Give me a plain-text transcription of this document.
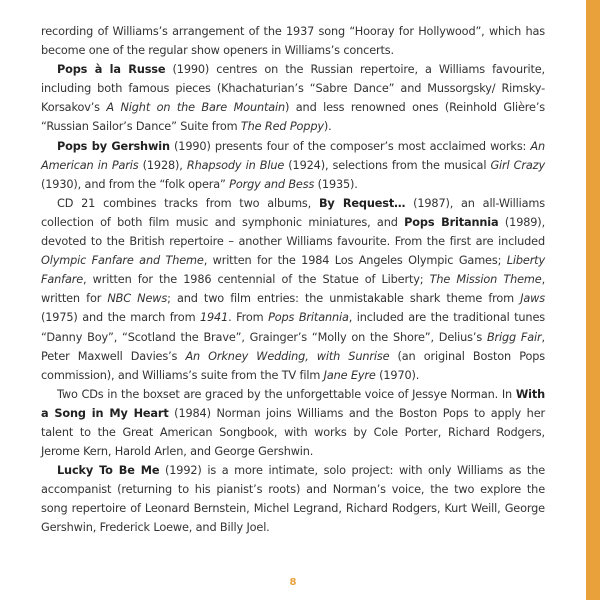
recording of Williams’s arrangement of the 1937 song “Hooray for Hollywood”, which has become one of the regular show openers in Williams’s concerts.

Pops à la Russe (1990) centres on the Russian repertoire, a Williams favourite, including both famous pieces (Khachaturian’s “Sabre Dance” and Mussorgsky/ Rimsky-Korsakov’s A Night on the Bare Mountain) and less renowned ones (Reinhold Glière’s “Russian Sailor’s Dance” Suite from The Red Poppy).

Pops by Gershwin (1990) presents four of the composer’s most acclaimed works: An American in Paris (1928), Rhapsody in Blue (1924), selections from the musical Girl Crazy (1930), and from the “folk opera” Porgy and Bess (1935).

CD 21 combines tracks from two albums, By Request… (1987), an all-Williams collection of both film music and symphonic miniatures, and Pops Britannia (1989), devoted to the British repertoire – another Williams favourite. From the first are included Olympic Fanfare and Theme, written for the 1984 Los Angeles Olympic Games; Liberty Fanfare, written for the 1986 centennial of the Statue of Liberty; The Mission Theme, written for NBC News; and two film entries: the unmistakable shark theme from Jaws (1975) and the march from 1941. From Pops Britannia, included are the traditional tunes “Danny Boy”, “Scotland the Brave”, Grainger’s “Molly on the Shore”, Delius’s Brigg Fair, Peter Maxwell Davies’s An Orkney Wedding, with Sunrise (an original Boston Pops commission), and Williams’s suite from the TV film Jane Eyre (1970).

Two CDs in the boxset are graced by the unforgettable voice of Jessye Norman. In With a Song in My Heart (1984) Norman joins Williams and the Boston Pops to apply her talent to the Great American Songbook, with works by Cole Porter, Richard Rodgers, Jerome Kern, Harold Arlen, and George Gershwin.

Lucky To Be Me (1992) is a more intimate, solo project: with only Williams as the accompanist (returning to his pianist’s roots) and Norman’s voice, the two explore the song repertoire of Leonard Bernstein, Michel Legrand, Richard Rodgers, Kurt Weill, George Gershwin, Frederick Loewe, and Billy Joel.

8
